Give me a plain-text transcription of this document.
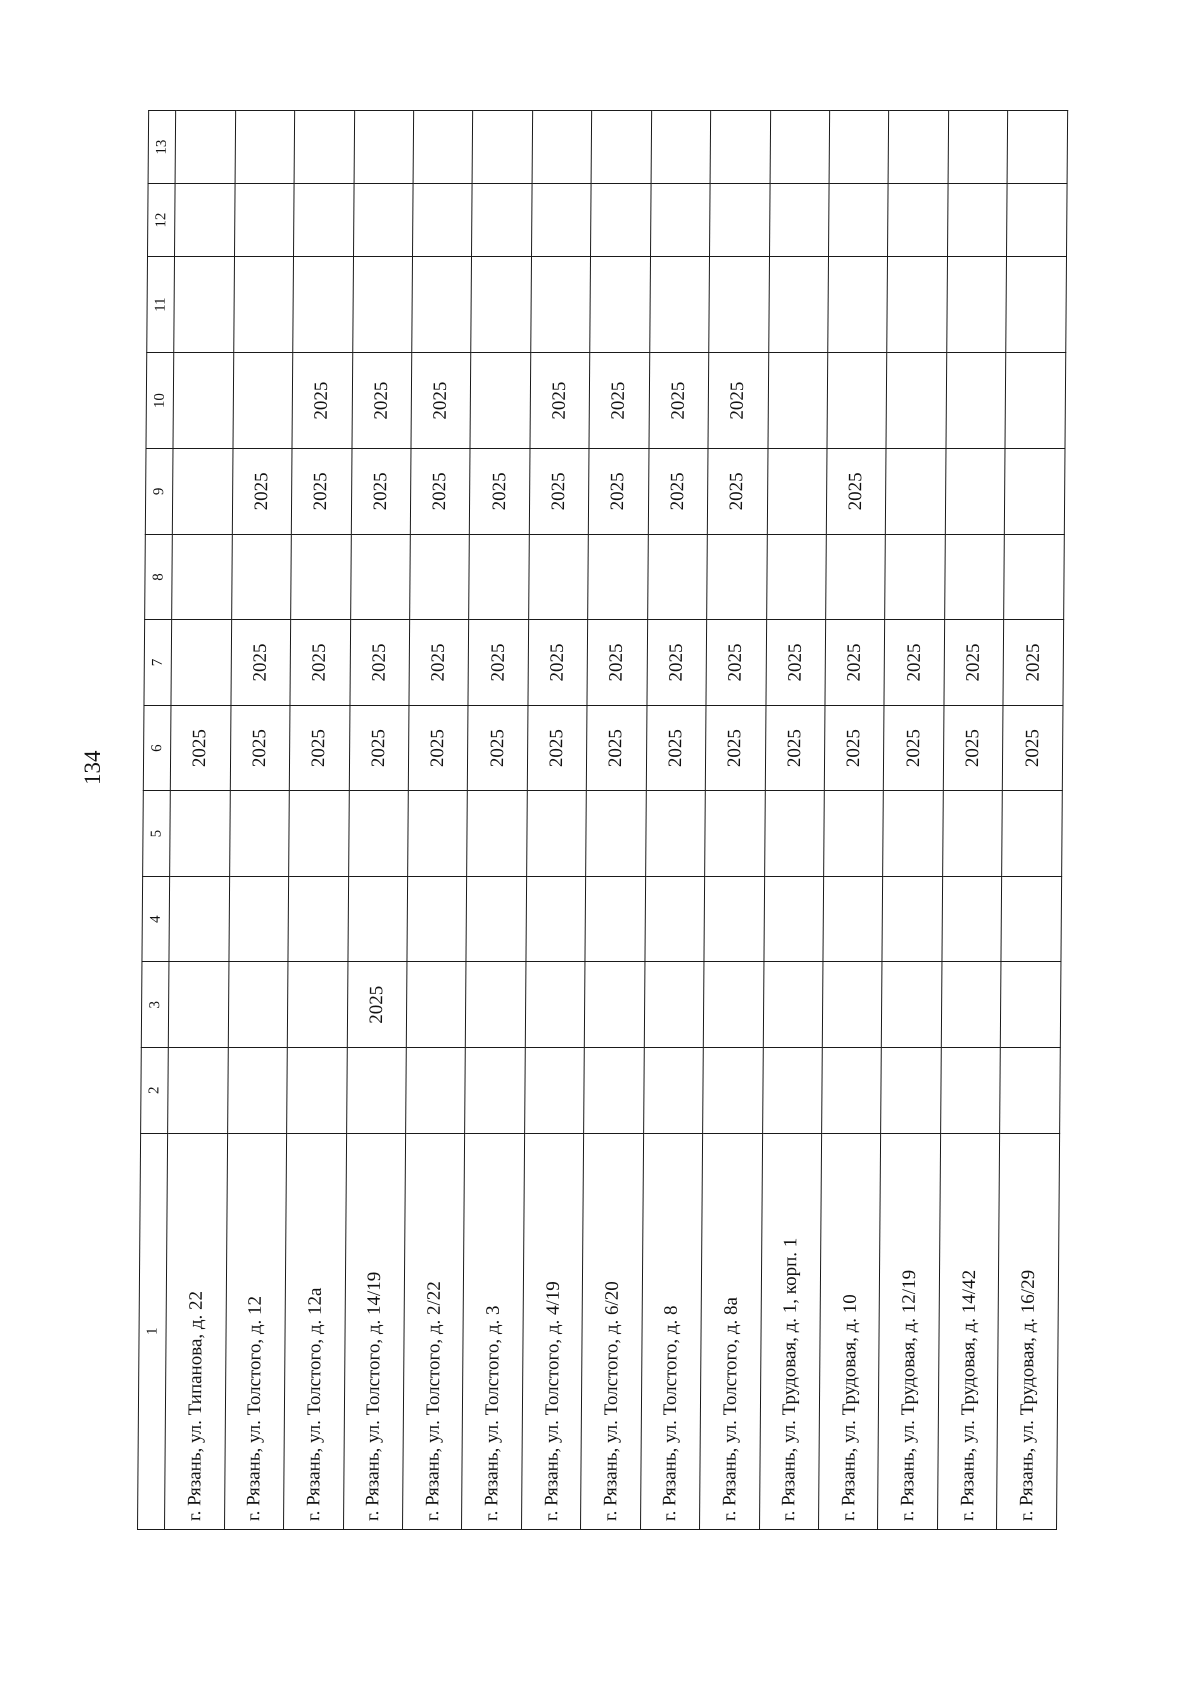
134
1	2	3	4	5	6	7	8	9	10	11	12	13
г. Рязань, ул. Типанова, д. 22					2025							
г. Рязань, ул. Толстого, д. 12					2025	2025		2025				
г. Рязань, ул. Толстого, д. 12а					2025	2025		2025	2025			
г. Рязань, ул. Толстого, д. 14/19		2025			2025	2025		2025	2025			
г. Рязань, ул. Толстого, д. 2/22					2025	2025		2025	2025			
г. Рязань, ул. Толстого, д. 3					2025	2025		2025				
г. Рязань, ул. Толстого, д. 4/19					2025	2025		2025	2025			
г. Рязань, ул. Толстого, д. 6/20					2025	2025		2025	2025			
г. Рязань, ул. Толстого, д. 8					2025	2025		2025	2025			
г. Рязань, ул. Толстого, д. 8а					2025	2025		2025	2025			
г. Рязань, ул. Трудовая, д. 1, корп. 1					2025	2025						
г. Рязань, ул. Трудовая, д. 10					2025	2025		2025				
г. Рязань, ул. Трудовая, д. 12/19					2025	2025						
г. Рязань, ул. Трудовая, д. 14/42					2025	2025						
г. Рязань, ул. Трудовая, д. 16/29					2025	2025						
